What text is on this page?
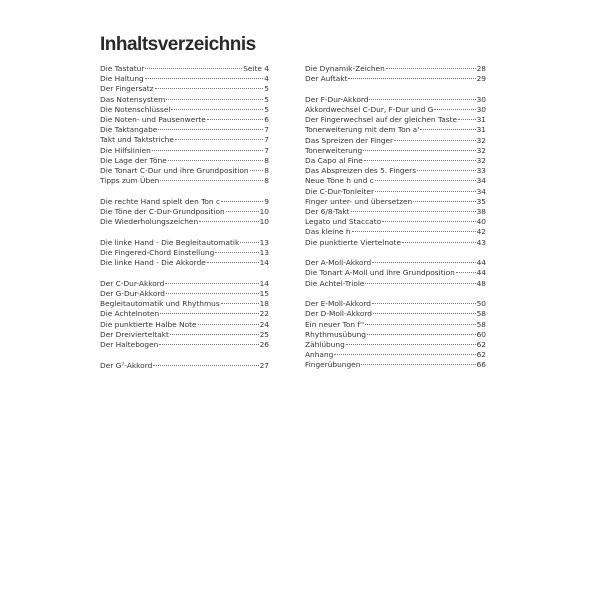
Inhaltsverzeichnis
Die Tastatur	Seite 4
Die Haltung	4
Der Fingersatz	5
Das Notensystem	5
Die Notenschlüssel	5
Die Noten- und Pausenwerte	6
Die Taktangabe	7
Takt und Taktstriche	7
Die Hilfslinien	7
Die Lage der Töne	8
Die Tonart C-Dur und ihre Grundposition 8
Tipps zum Üben	8
Die rechte Hand spielt den Ton c	9
Die Töne der C-Dur-Grundposition	10
Die Wiederholungszeichen	10
Die linke Hand - Die Begleitautomatik	13
Die Fingered-Chord Einstellung	13
Die linke Hand - Die Akkorde	14
Der C-Dur-Akkord	14
Der G-Dur-Akkord	15
Begleitautomatik und Rhythmus	18
Die Achtelnoten	22
Die punktierte Halbe Note	24
Der Dreivierteltakt	25
Der Haltebogen	26
Der G⁷-Akkord	27
Die Dynamik-Zeichen	28
Der Auftakt	29
Der F-Dur-Akkord	30
Akkordwechsel C-Dur, F-Dur und G	30
Der Fingerwechsel auf der gleichen Taste	31
Tonerweiterung mit dem Ton a'	31
Das Spreizen der Finger	32
Tonerweiterung	32
Da Capo al Fine	32
Das Abspreizen des 5. Fingers	33
Neue Töne h und c	34
Die C-Dur-Tonleiter	34
Finger unter- und übersetzen	35
Der 6/8-Takt	38
Legato und Staccato	40
Das kleine h	42
Die punktierte Viertelnote	43
Der A-Moll-Akkord	44
Die Tonart A-Moll und ihre Grundposition	44
Die Achtel-Triole	48
Der E-Moll-Akkord	50
Der D-Moll-Akkord	58
Ein neuer Ton f''	58
Rhythmusübung	60
Zählübung	62
Anhang	62
Fingerübungen	66
